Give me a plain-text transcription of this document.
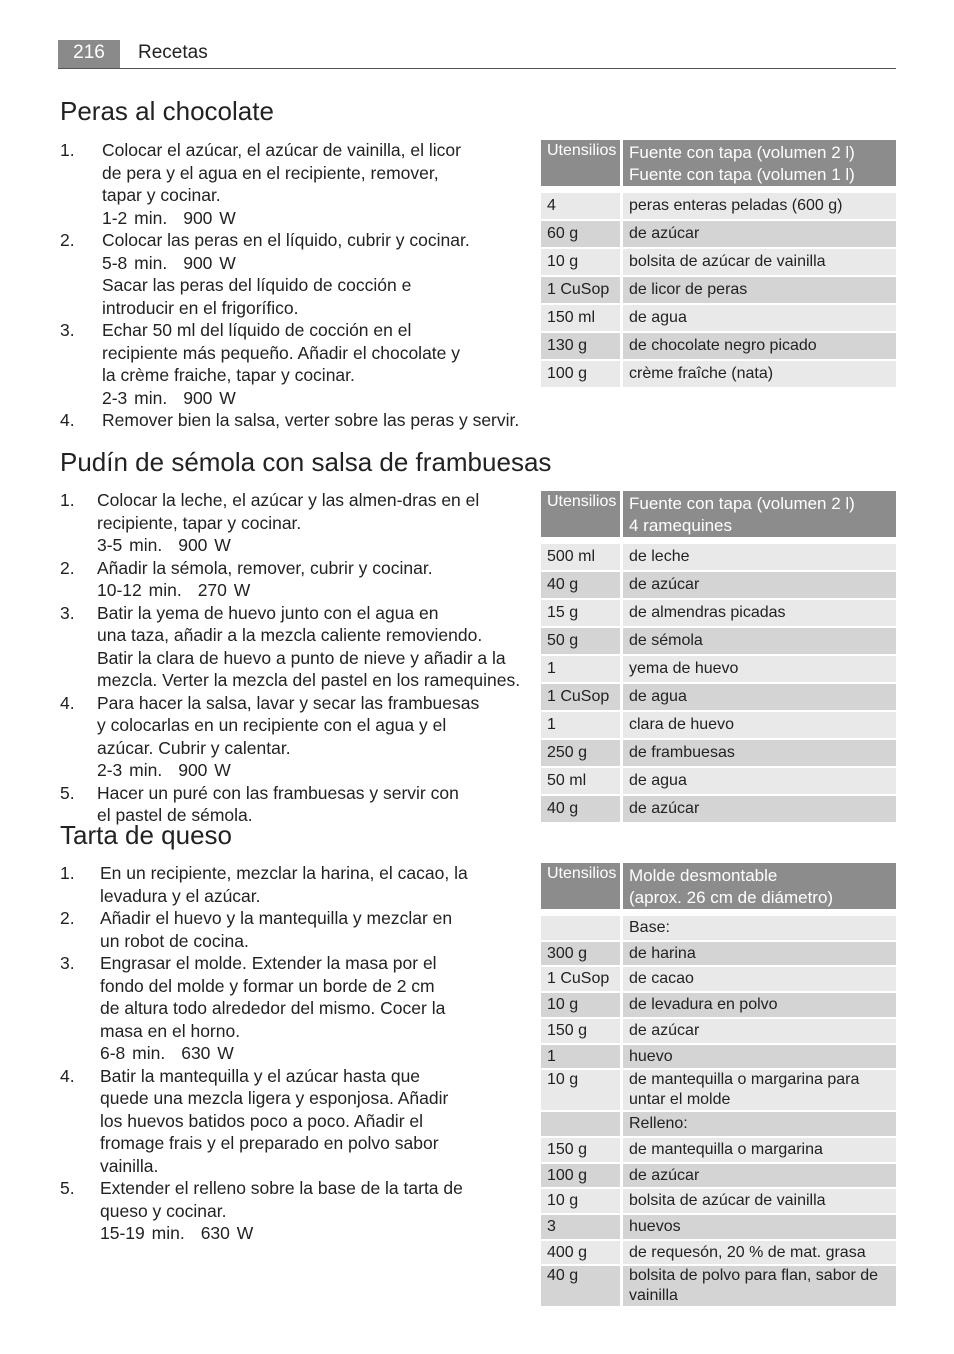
216	Recetas
Peras al chocolate
1.	Colocar el azúcar, el azúcar de vainilla, el licor
de pera y el agua en el recipiente, remover,
tapar y cocinar.
1-2 min. 900 W
2.	Colocar las peras en el líquido, cubrir y cocinar.
5-8 min. 900 W
Sacar las peras del líquido de cocción e
introducir en el frigorífico.
3.	Echar 50 ml del líquido de cocción en el
recipiente más pequeño. Añadir el chocolate y
la crème fraiche, tapar y cocinar.
2-3 min. 900 W
4.	Remover bien la salsa, verter sobre las peras y servir.
Utensilios Fuente con tapa (volumen 2 l)
Fuente con tapa (volumen 1 l)
4	peras enteras peladas (600 g)
60 g	de azúcar
10 g	bolsita de azúcar de vainilla
1 CuSop	de licor de peras
150 ml	de agua
130 g	de chocolate negro picado
100 g	crème fraîche (nata)
Pudín de sémola con salsa de frambuesas
1.	Colocar la leche, el azúcar y las almen-dras en el
recipiente, tapar y cocinar.
3-5 min. 900 W
2.	Añadir la sémola, remover, cubrir y cocinar.
10-12 min. 270 W
3.	Batir la yema de huevo junto con el agua en
una taza, añadir a la mezcla caliente removiendo.
Batir la clara de huevo a punto de nieve y añadir a la
mezcla. Verter la mezcla del pastel en los ramequines.
4.	Para hacer la salsa, lavar y secar las frambuesas
y colocarlas en un recipiente con el agua y el
azúcar. Cubrir y calentar.
2-3 min. 900 W
5.	Hacer un puré con las frambuesas y servir con
el pastel de sémola.
Utensilios Fuente con tapa (volumen 2 l)
4 ramequines
500 ml	de leche
40 g	de azúcar
15 g	de almendras picadas
50 g	de sémola
1	yema de huevo
1 CuSop	de agua
1	clara de huevo
250 g	de frambuesas
50 ml	de agua
40 g	de azúcar
Tarta de queso
1.	En un recipiente, mezclar la harina, el cacao, la
levadura y el azúcar.
2.	Añadir el huevo y la mantequilla y mezclar en
un robot de cocina.
3.	Engrasar el molde. Extender la masa por el
fondo del molde y formar un borde de 2 cm
de altura todo alrededor del mismo. Cocer la
masa en el horno.
6-8 min. 630 W
4.	Batir la mantequilla y el azúcar hasta que
quede una mezcla ligera y esponjosa. Añadir
los huevos batidos poco a poco. Añadir el
fromage frais y el preparado en polvo sabor
vainilla.
5.	Extender el relleno sobre la base de la tarta de
queso y cocinar.
15-19 min. 630 W
Utensilios Molde desmontable
(aprox. 26 cm de diámetro)
Base:
300 g	de harina
1 CuSop	de cacao
10 g	de levadura en polvo
150 g	de azúcar
1	huevo
10 g	de mantequilla o margarina para untar el molde
Relleno:
150 g	de mantequilla o margarina
100 g	de azúcar
10 g	bolsita de azúcar de vainilla
3	huevos
400 g	de requesón, 20 % de mat. grasa
40 g	bolsita de polvo para flan, sabor de vainilla
